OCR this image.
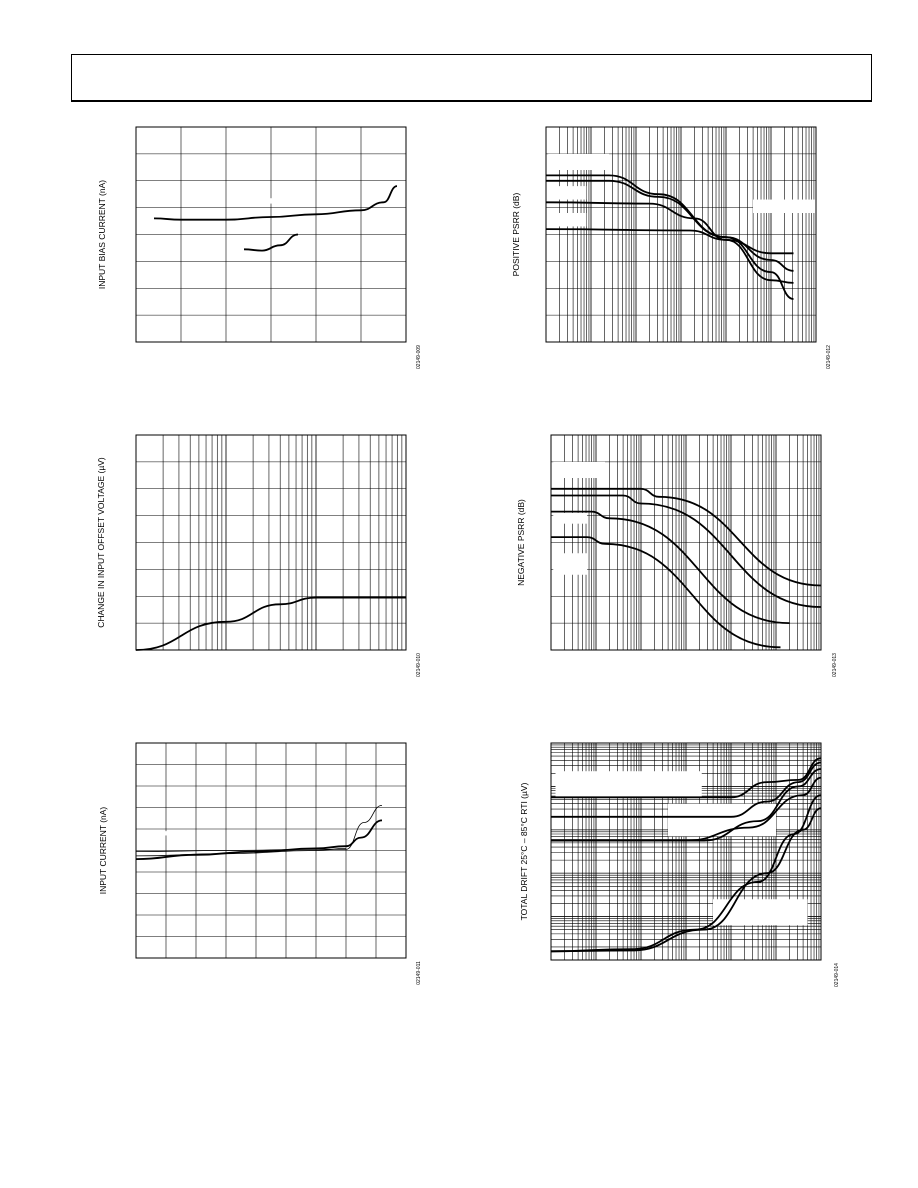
INPUT BIAS CURRENT (nA)
02149-009
POSITIVE PSRR (dB)
02149-012
CHANGE IN INPUT OFFSET VOLTAGE (µV)
02149-010
NEGATIVE PSRR (dB)
02149-013
INPUT CURRENT (nA)
02149-011
TOTAL DRIFT 25°C – 85°C RTI (µV)
02149-014
